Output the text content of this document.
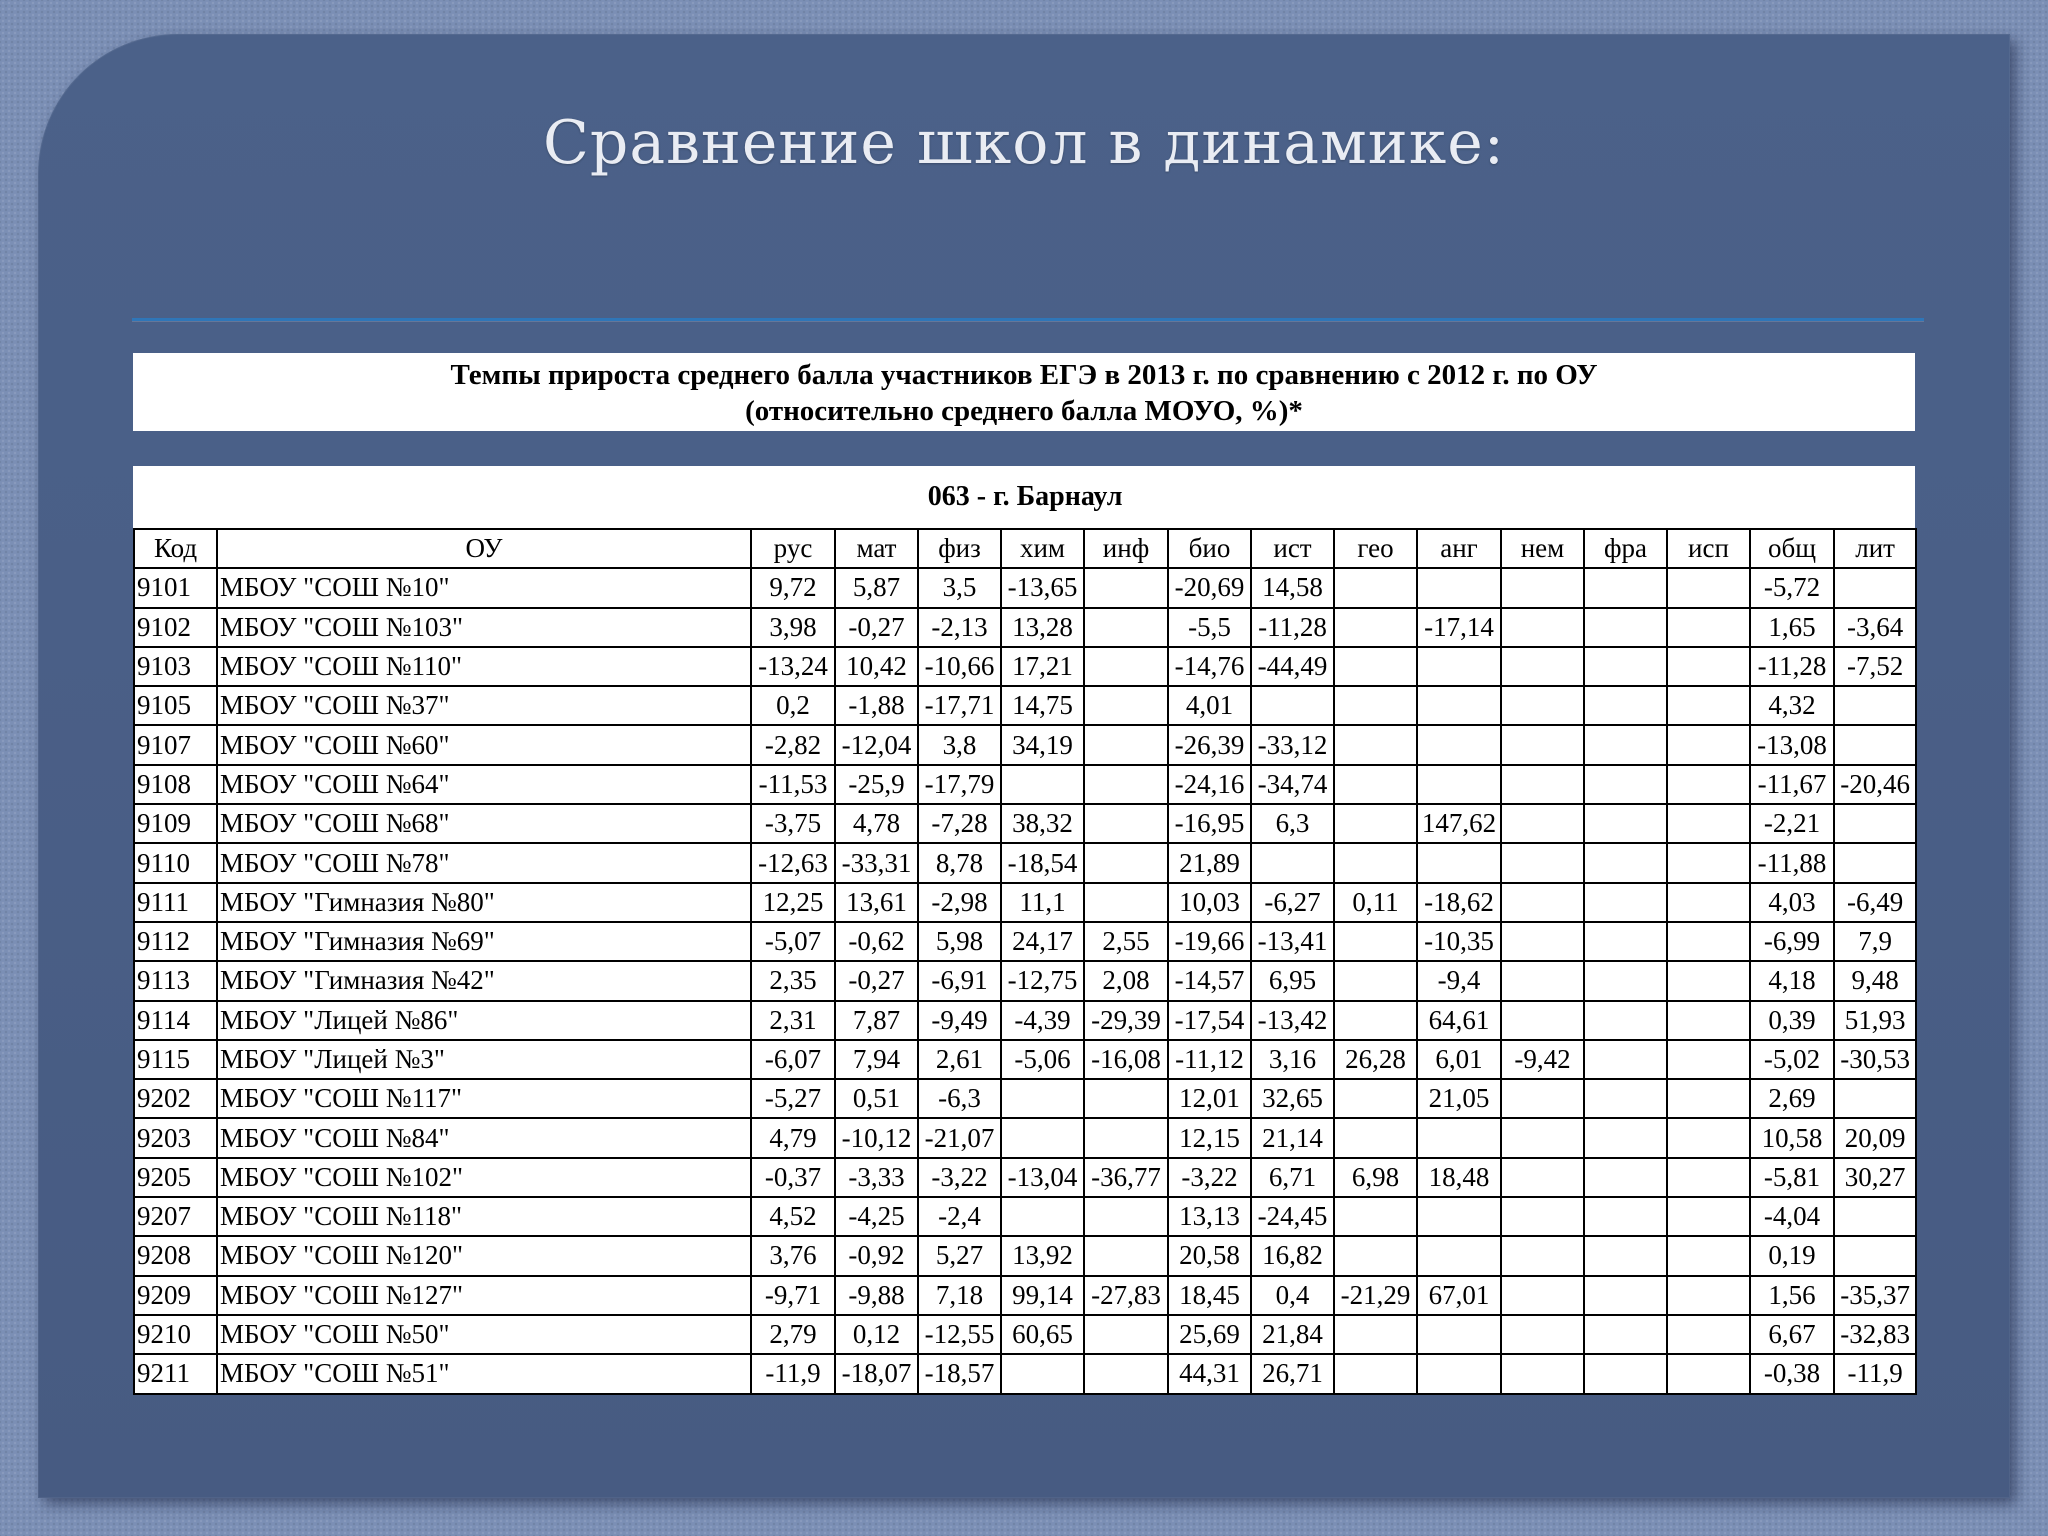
Сравнение школ в динамике:
Темпы прироста среднего балла участников ЕГЭ в 2013 г. по сравнению с 2012 г. по ОУ
(относительно среднего балла МОУО, %)*
063 - г. Барнаул															
Код	ОУ	рус	мат	физ	хим	инф	био	ист	гео	анг	нем	фра	исп	общ	лит
9101	МБОУ "СОШ №10"	9,72	5,87	3,5	-13,65		-20,69	14,58						-5,72	
9102	МБОУ "СОШ №103"	3,98	-0,27	-2,13	13,28		-5,5	-11,28		-17,14				1,65	-3,64
9103	МБОУ "СОШ №110"	-13,24	10,42	-10,66	17,21		-14,76	-44,49						-11,28	-7,52
9105	МБОУ "СОШ №37"	0,2	-1,88	-17,71	14,75		4,01							4,32	
9107	МБОУ "СОШ №60"	-2,82	-12,04	3,8	34,19		-26,39	-33,12						-13,08	
9108	МБОУ "СОШ №64"	-11,53	-25,9	-17,79			-24,16	-34,74						-11,67	-20,46
9109	МБОУ "СОШ №68"	-3,75	4,78	-7,28	38,32		-16,95	6,3		147,62				-2,21	
9110	МБОУ "СОШ №78"	-12,63	-33,31	8,78	-18,54		21,89							-11,88	
9111	МБОУ "Гимназия №80"	12,25	13,61	-2,98	11,1		10,03	-6,27	0,11	-18,62				4,03	-6,49
9112	МБОУ "Гимназия №69"	-5,07	-0,62	5,98	24,17	2,55	-19,66	-13,41		-10,35				-6,99	7,9
9113	МБОУ "Гимназия №42"	2,35	-0,27	-6,91	-12,75	2,08	-14,57	6,95		-9,4				4,18	9,48
9114	МБОУ "Лицей №86"	2,31	7,87	-9,49	-4,39	-29,39	-17,54	-13,42		64,61				0,39	51,93
9115	МБОУ "Лицей №3"	-6,07	7,94	2,61	-5,06	-16,08	-11,12	3,16	26,28	6,01	-9,42			-5,02	-30,53
9202	МБОУ "СОШ №117"	-5,27	0,51	-6,3			12,01	32,65		21,05				2,69	
9203	МБОУ "СОШ №84"	4,79	-10,12	-21,07			12,15	21,14						10,58	20,09
9205	МБОУ "СОШ №102"	-0,37	-3,33	-3,22	-13,04	-36,77	-3,22	6,71	6,98	18,48				-5,81	30,27
9207	МБОУ "СОШ №118"	4,52	-4,25	-2,4			13,13	-24,45						-4,04	
9208	МБОУ "СОШ №120"	3,76	-0,92	5,27	13,92		20,58	16,82						0,19	
9209	МБОУ "СОШ №127"	-9,71	-9,88	7,18	99,14	-27,83	18,45	0,4	-21,29	67,01				1,56	-35,37
9210	МБОУ "СОШ №50"	2,79	0,12	-12,55	60,65		25,69	21,84						6,67	-32,83
9211	МБОУ "СОШ №51"	-11,9	-18,07	-18,57			44,31	26,71						-0,38	-11,9
